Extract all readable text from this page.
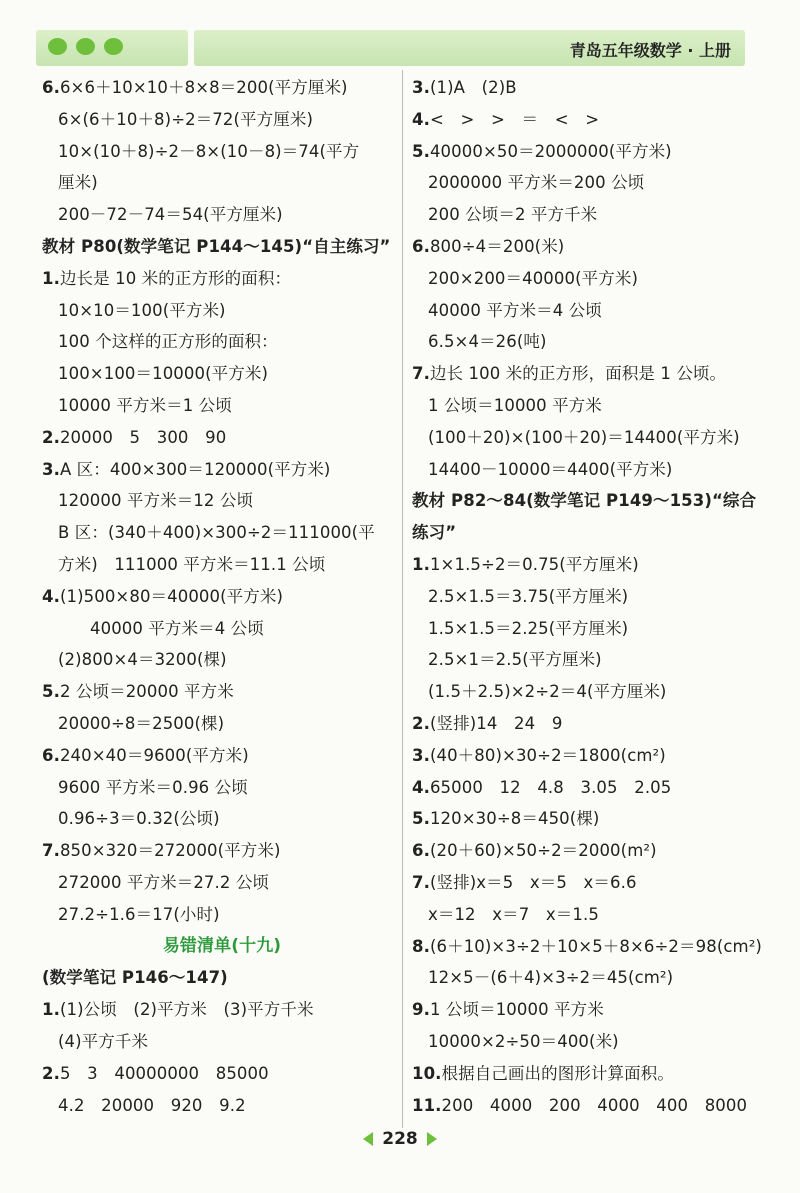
青岛五年级数学 · 上册
6.6×6＋10×10＋8×8＝200(平方厘米)
6×(6＋10＋8)÷2＝72(平方厘米)
10×(10＋8)÷2－8×(10－8)＝74(平方
厘米)
200－72－74＝54(平方厘米)
教材 P80(数学笔记 P144～145)“自主练习”
1.边长是 10 米的正方形的面积：
10×10＝100(平方米)
100 个这样的正方形的面积：
100×100＝10000(平方米)
10000 平方米＝1 公顷
2.20000　5　300　90
3.A 区：400×300＝120000(平方米)
120000 平方米＝12 公顷
B 区：(340＋400)×300÷2＝111000(平
方米)　111000 平方米＝11.1 公顷
4.(1)500×80＝40000(平方米)
40000 平方米＝4 公顷
(2)800×4＝3200(棵)
5.2 公顷＝20000 平方米
20000÷8＝2500(棵)
6.240×40＝9600(平方米)
9600 平方米＝0.96 公顷
0.96÷3＝0.32(公顷)
7.850×320＝272000(平方米)
272000 平方米＝27.2 公顷
27.2÷1.6＝17(小时)
易错清单(十九)
(数学笔记 P146～147)
1.(1)公顷　(2)平方米　(3)平方千米
(4)平方千米
2.5　3　40000000　85000
4.2　20000　920　9.2
3.(1)A　(2)B
4.<　>　>　＝　<　>
5.40000×50＝2000000(平方米)
2000000 平方米＝200 公顷
200 公顷＝2 平方千米
6.800÷4＝200(米)
200×200＝40000(平方米)
40000 平方米＝4 公顷
6.5×4＝26(吨)
7.边长 100 米的正方形，面积是 1 公顷。
1 公顷＝10000 平方米
(100＋20)×(100＋20)＝14400(平方米)
14400－10000＝4400(平方米)
教材 P82～84(数学笔记 P149～153)“综合
练习”
1.1×1.5÷2＝0.75(平方厘米)
2.5×1.5＝3.75(平方厘米)
1.5×1.5＝2.25(平方厘米)
2.5×1＝2.5(平方厘米)
(1.5＋2.5)×2÷2＝4(平方厘米)
2.(竖排)14　24　9
3.(40＋80)×30÷2＝1800(cm²)
4.65000　12　4.8　3.05　2.05
5.120×30÷8＝450(棵)
6.(20＋60)×50÷2＝2000(m²)
7.(竖排)x＝5　x＝5　x＝6.6
x＝12　x＝7　x＝1.5
8.(6＋10)×3÷2＋10×5＋8×6÷2＝98(cm²)
12×5－(6＋4)×3÷2＝45(cm²)
9.1 公顷＝10000 平方米
10000×2÷50＝400(米)
10.根据自己画出的图形计算面积。
11.200　4000　200　4000　400　8000
228
